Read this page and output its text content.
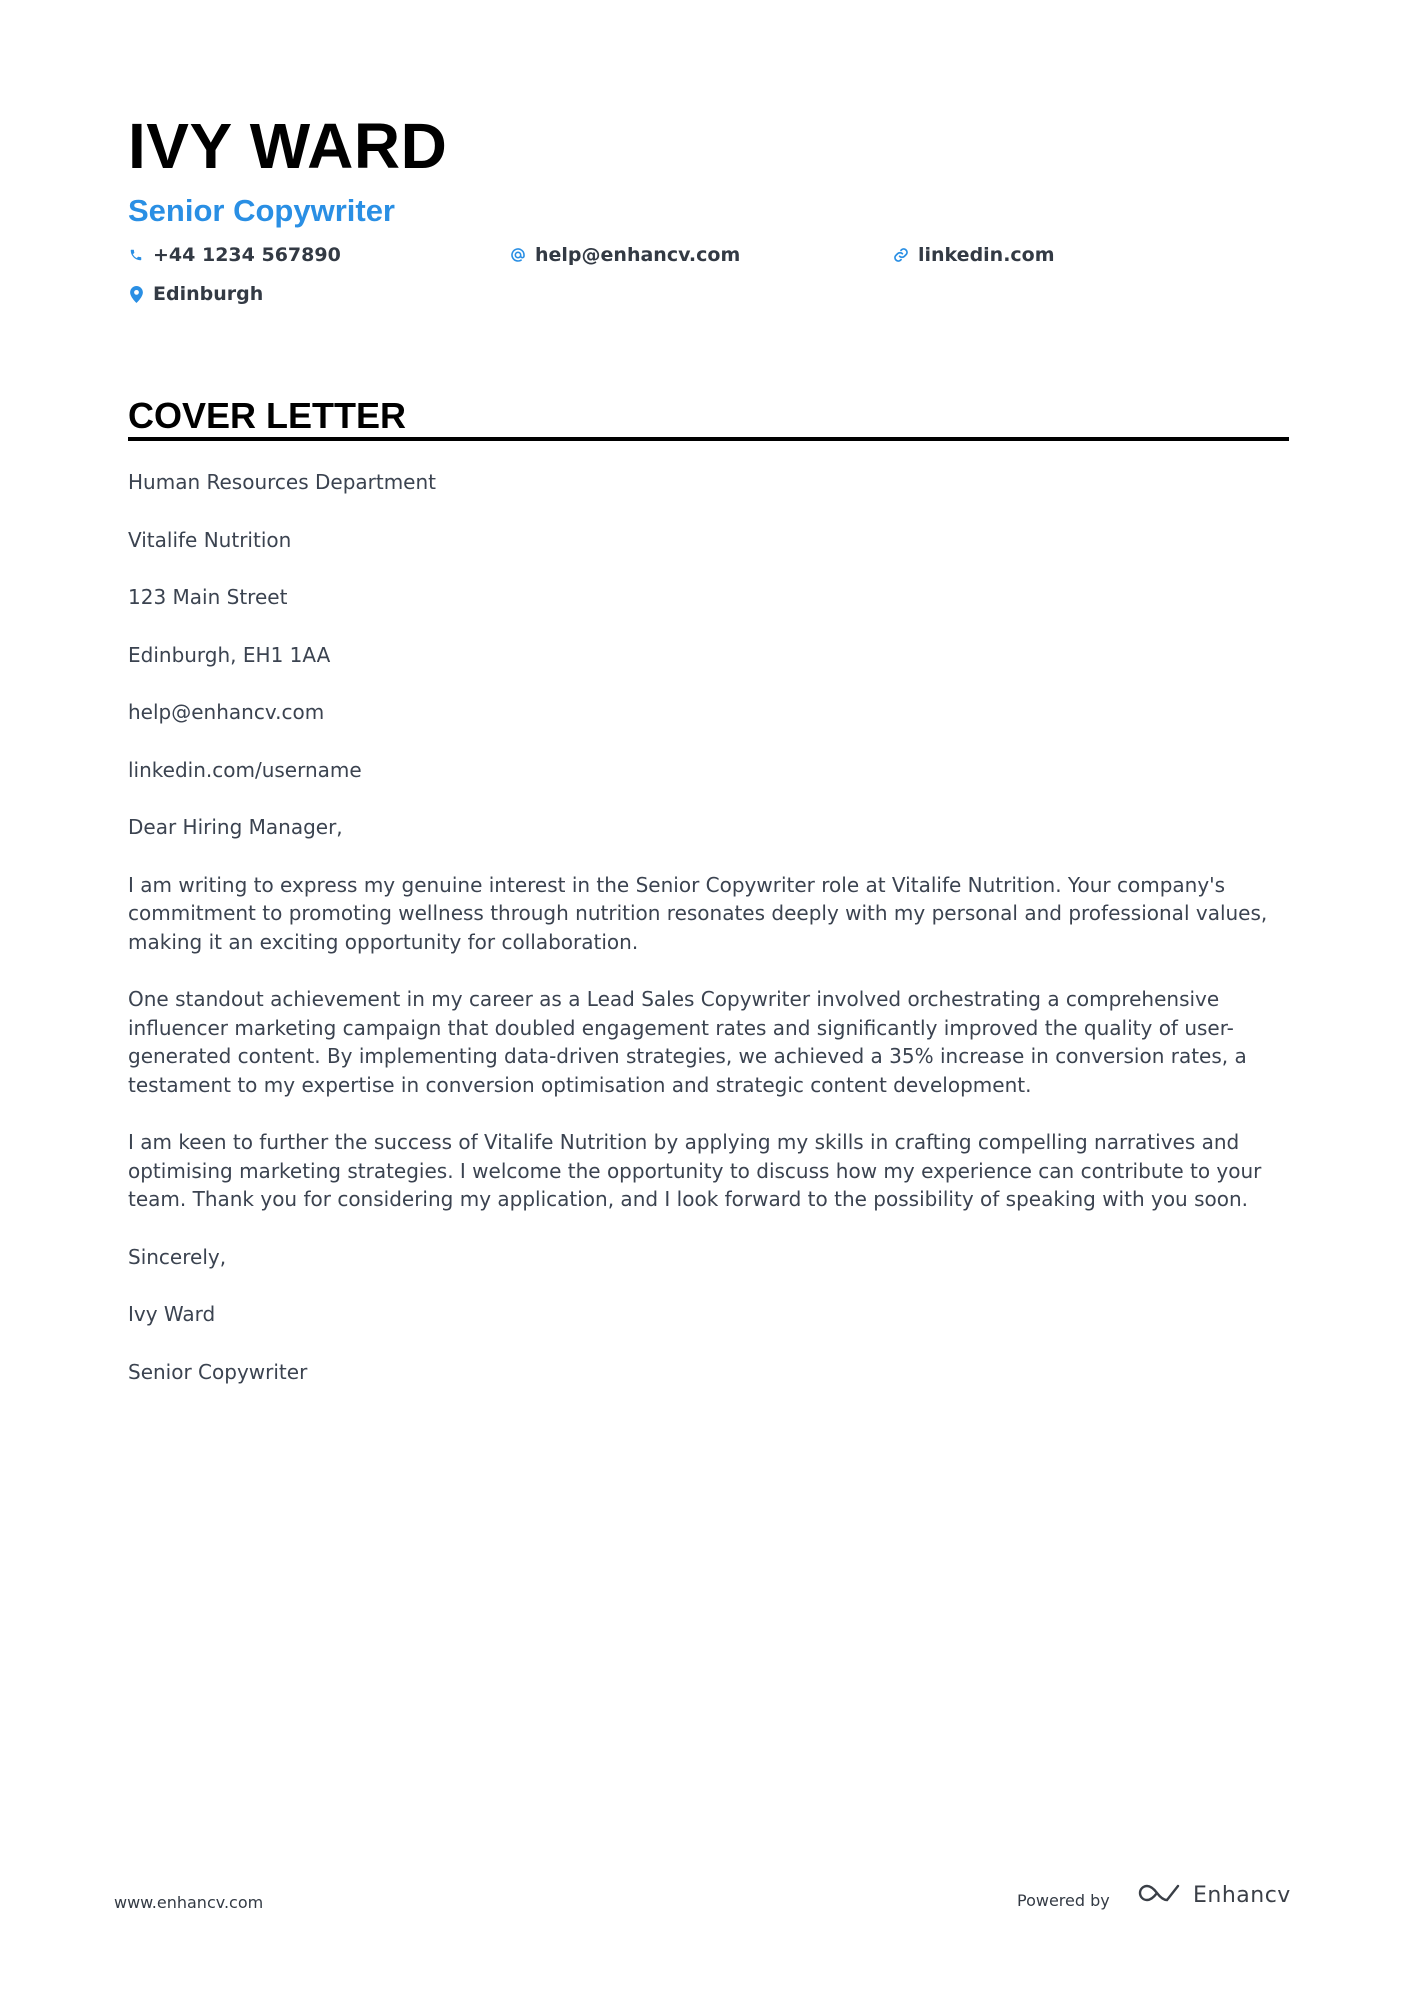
IVY WARD
Senior Copywriter
+44 1234 567890	help@enhancv.com	linkedin.com
Edinburgh
COVER LETTER

Human Resources Department

Vitalife Nutrition

123 Main Street

Edinburgh, EH1 1AA

help@enhancv.com

linkedin.com/username

Dear Hiring Manager,

I am writing to express my genuine interest in the Senior Copywriter role at Vitalife Nutrition. Your company's commitment to promoting wellness through nutrition resonates deeply with my personal and professional values, making it an exciting opportunity for collaboration.

One standout achievement in my career as a Lead Sales Copywriter involved orchestrating a comprehensive influencer marketing campaign that doubled engagement rates and significantly improved the quality of user-generated content. By implementing data-driven strategies, we achieved a 35% increase in conversion rates, a testament to my expertise in conversion optimisation and strategic content development.

I am keen to further the success of Vitalife Nutrition by applying my skills in crafting compelling narratives and optimising marketing strategies. I welcome the opportunity to discuss how my experience can contribute to your team. Thank you for considering my application, and I look forward to the possibility of speaking with you soon.

Sincerely,

Ivy Ward

Senior Copywriter

www.enhancv.com	Powered by	Enhancv
